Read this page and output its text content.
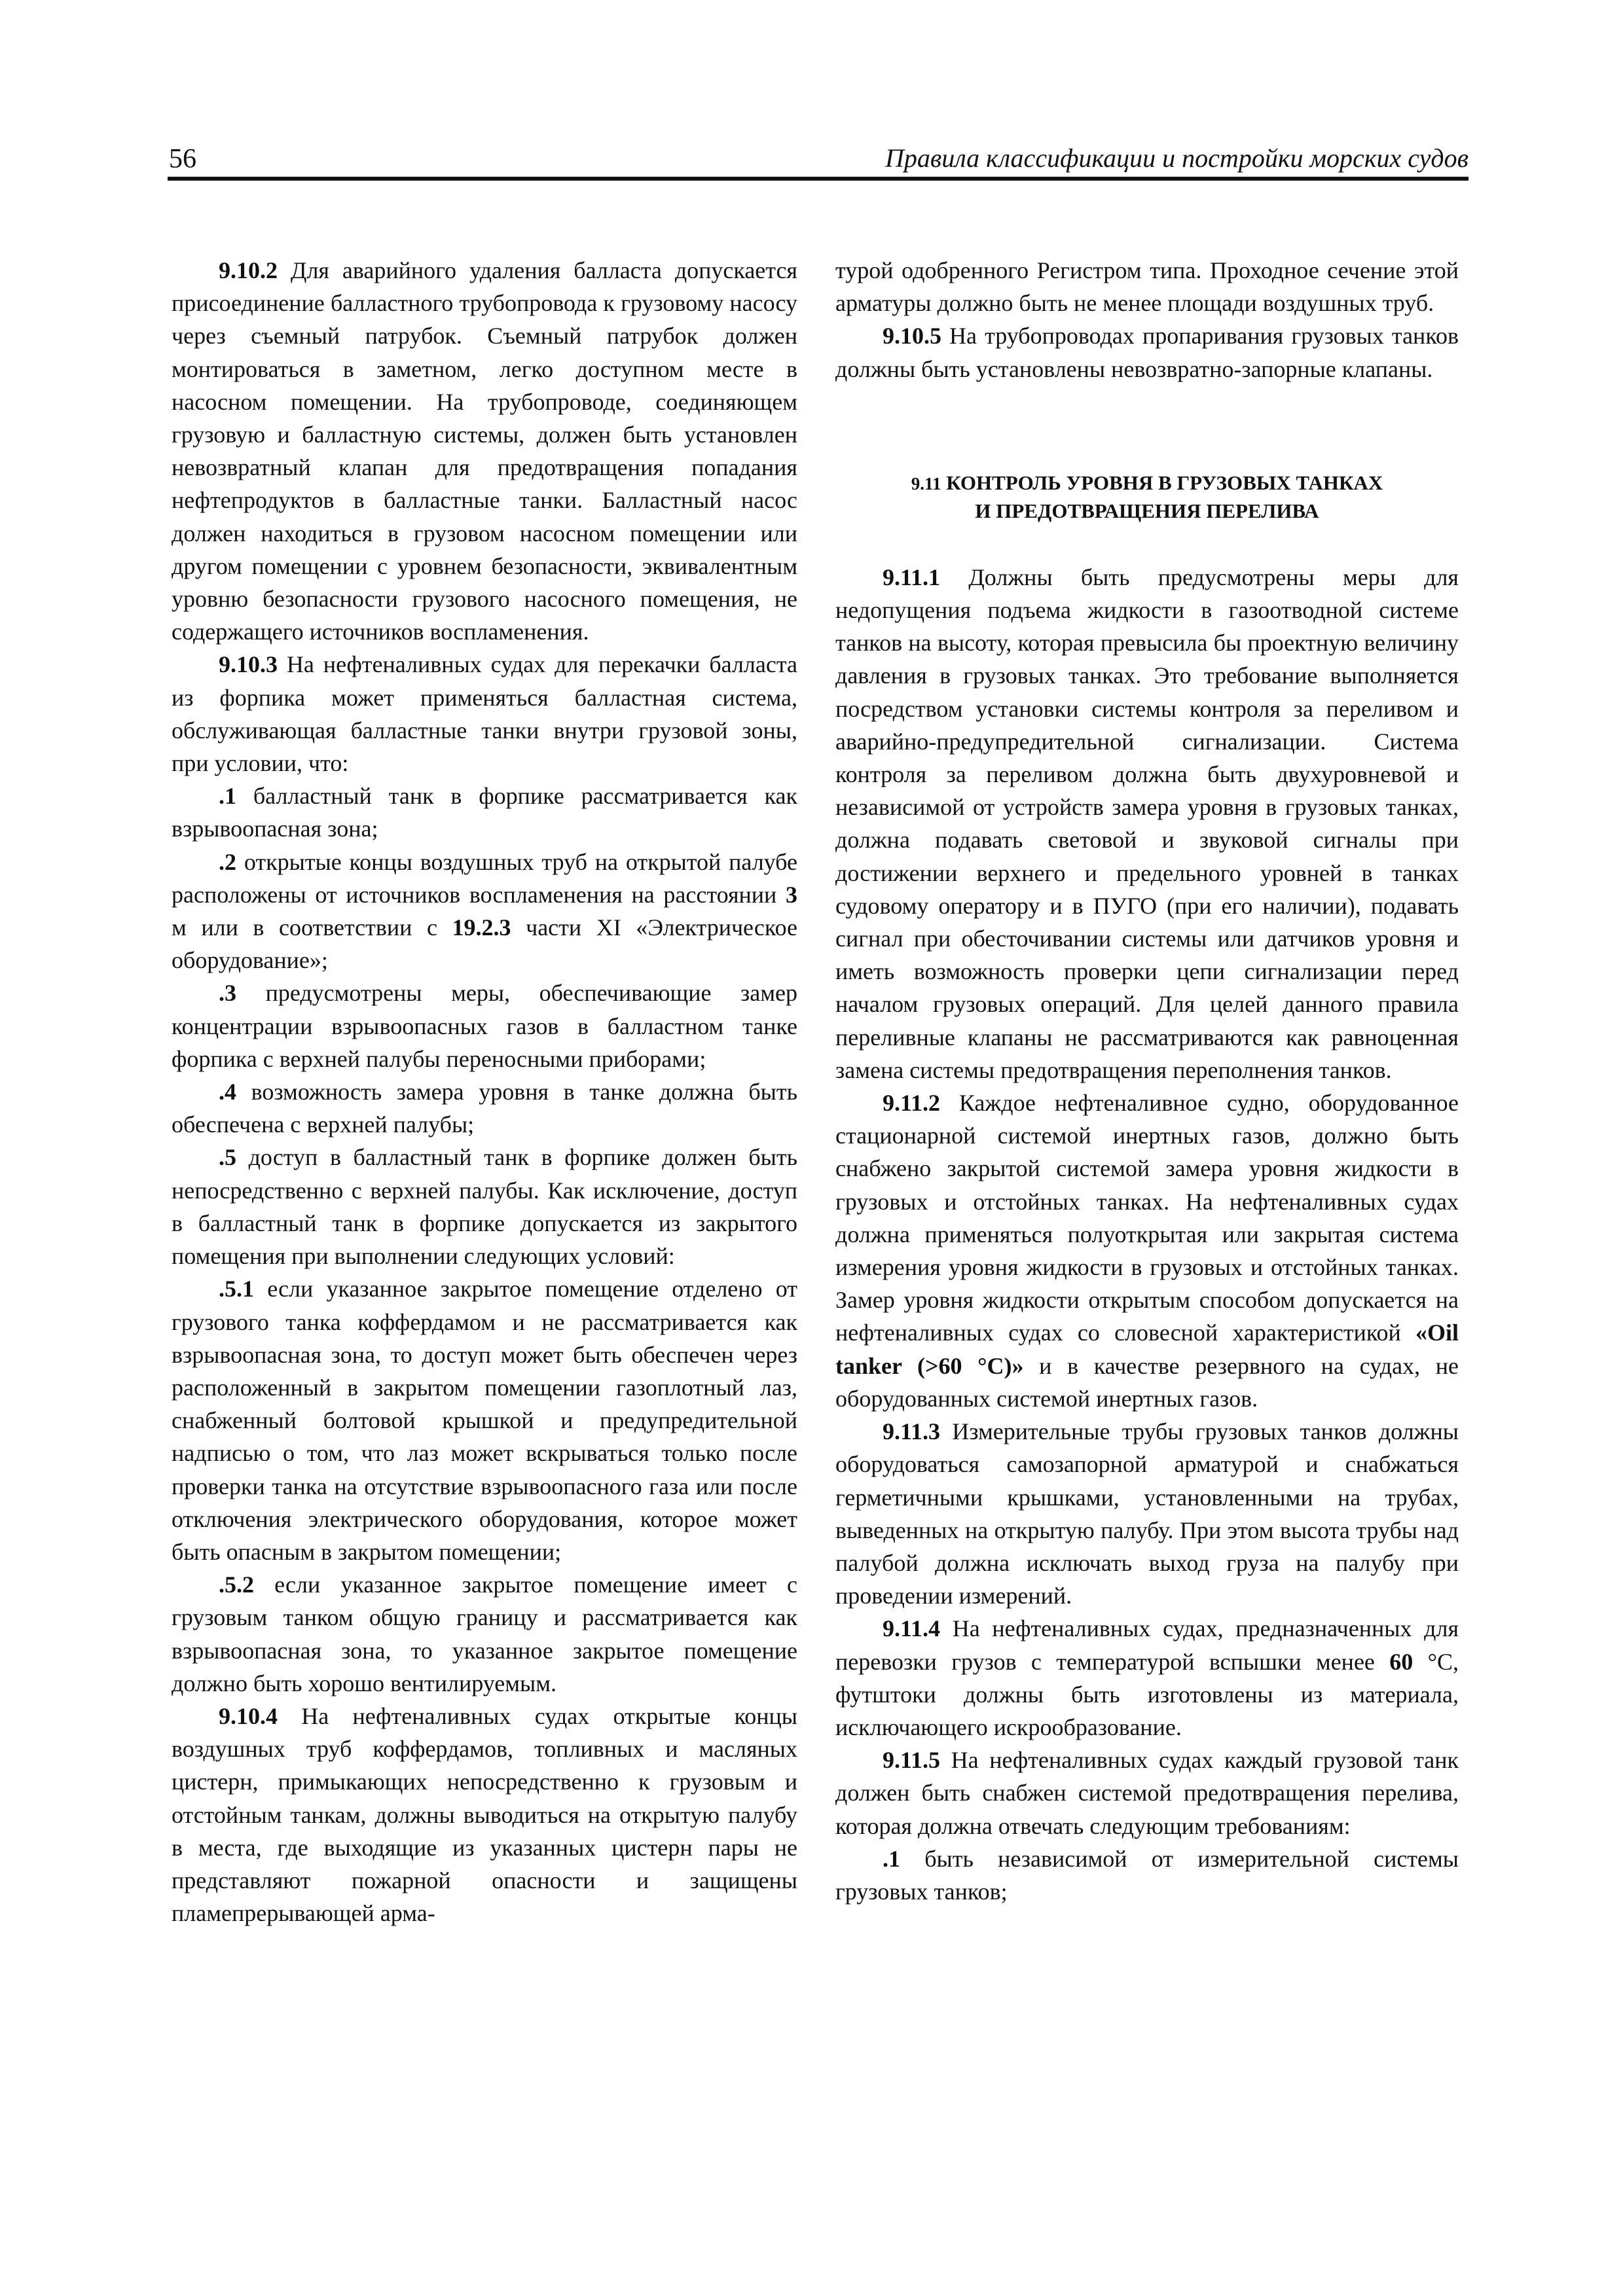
56	Правила классификации и постройки морских судов

9.10.2 Для аварийного удаления балласта допускается присоединение балластного трубопровода к грузовому насосу через съемный патрубок. Съемный патрубок должен монтироваться в заметном, легко доступном месте в насосном помещении. На трубопроводе, соединяющем грузовую и балластную системы, должен быть установлен невозвратный клапан для предотвращения попадания нефтепродуктов в балластные танки. Балластный насос должен находиться в грузовом насосном помещении или другом помещении с уровнем безопасности, эквивалентным уровню безопасности грузового насосного помещения, не содержащего источников воспламенения.

9.10.3 На нефтеналивных судах для перекачки балласта из форпика может применяться балластная система, обслуживающая балластные танки внутри грузовой зоны, при условии, что:

.1 балластный танк в форпике рассматривается как взрывоопасная зона;

.2 открытые концы воздушных труб на открытой палубе расположены от источников воспламенения на расстоянии 3 м или в соответствии с 19.2.3 части XI «Электрическое оборудование»;

.3 предусмотрены меры, обеспечивающие замер концентрации взрывоопасных газов в балластном танке форпика с верхней палубы переносными приборами;

.4 возможность замера уровня в танке должна быть обеспечена с верхней палубы;

.5 доступ в балластный танк в форпике должен быть непосредственно с верхней палубы. Как исключение, доступ в балластный танк в форпике допускается из закрытого помещения при выполнении следующих условий:

.5.1 если указанное закрытое помещение отделено от грузового танка коффердамом и не рассматривается как взрывоопасная зона, то доступ может быть обеспечен через расположенный в закрытом помещении газоплотный лаз, снабженный болтовой крышкой и предупредительной надписью о том, что лаз может вскрываться только после проверки танка на отсутствие взрывоопасного газа или после отключения электрического оборудования, которое может быть опасным в закрытом помещении;

.5.2 если указанное закрытое помещение имеет с грузовым танком общую границу и рассматривается как взрывоопасная зона, то указанное закрытое помещение должно быть хорошо вентилируемым.

9.10.4 На нефтеналивных судах открытые концы воздушных труб коффердамов, топливных и масляных цистерн, примыкающих непосредственно к грузовым и отстойным танкам, должны выводиться на открытую палубу в места, где выходящие из указанных цистерн пары не представляют пожарной опасности и защищены пламепрерывающей арма-

турой одобренного Регистром типа. Проходное сечение этой арматуры должно быть не менее площади воздушных труб.

9.10.5 На трубопроводах пропаривания грузовых танков должны быть установлены невозвратно-запорные клапаны.

9.11 КОНТРОЛЬ УРОВНЯ В ГРУЗОВЫХ ТАНКАХ
И ПРЕДОТВРАЩЕНИЯ ПЕРЕЛИВА

9.11.1 Должны быть предусмотрены меры для недопущения подъема жидкости в газоотводной системе танков на высоту, которая превысила бы проектную величину давления в грузовых танках. Это требование выполняется посредством установки системы контроля за переливом и аварийно-предупредительной сигнализации. Система контроля за переливом должна быть двухуровневой и независимой от устройств замера уровня в грузовых танках, должна подавать световой и звуковой сигналы при достижении верхнего и предельного уровней в танках судовому оператору и в ПУГО (при его наличии), подавать сигнал при обесточивании системы или датчиков уровня и иметь возможность проверки цепи сигнализации перед началом грузовых операций. Для целей данного правила переливные клапаны не рассматриваются как равноценная замена системы предотвращения переполнения танков.

9.11.2 Каждое нефтеналивное судно, оборудованное стационарной системой инертных газов, должно быть снабжено закрытой системой замера уровня жидкости в грузовых и отстойных танках. На нефтеналивных судах должна применяться полуоткрытая или закрытая система измерения уровня жидкости в грузовых и отстойных танках. Замер уровня жидкости открытым способом допускается на нефтеналивных судах со словесной характеристикой «Oil tanker (>60 °C)» и в качестве резервного на судах, не оборудованных системой инертных газов.

9.11.3 Измерительные трубы грузовых танков должны оборудоваться самозапорной арматурой и снабжаться герметичными крышками, установленными на трубах, выведенных на открытую палубу. При этом высота трубы над палубой должна исключать выход груза на палубу при проведении измерений.

9.11.4 На нефтеналивных судах, предназначенных для перевозки грузов с температурой вспышки менее 60 °С, футштоки должны быть изготовлены из материала, исключающего искрообразование.

9.11.5 На нефтеналивных судах каждый грузовой танк должен быть снабжен системой предотвращения перелива, которая должна отвечать следующим требованиям:

.1 быть независимой от измерительной системы грузовых танков;
